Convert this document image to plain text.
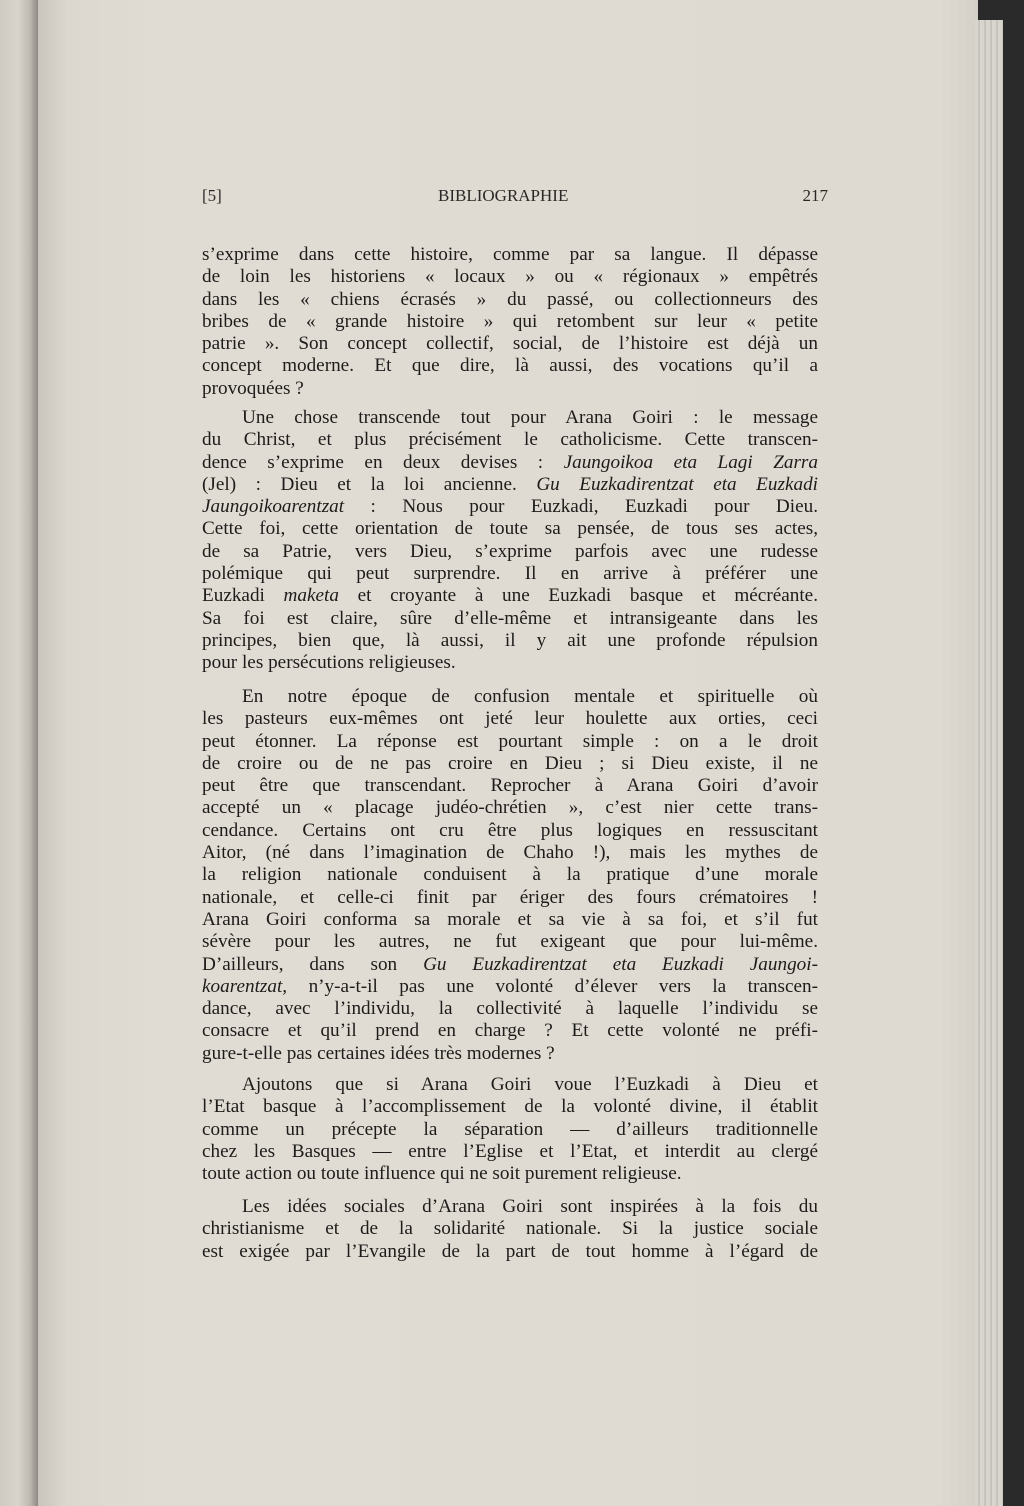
[5]	BIBLIOGRAPHIE	217
s’exprime dans cette histoire, comme par sa langue. Il dépasse
de loin les historiens « locaux » ou « régionaux » empêtrés
dans les « chiens écrasés » du passé, ou collectionneurs des
bribes de « grande histoire » qui retombent sur leur « petite
patrie ». Son concept collectif, social, de l’histoire est déjà un
concept moderne. Et que dire, là aussi, des vocations qu’il a
provoquées ?
Une chose transcende tout pour Arana Goiri : le message
du Christ, et plus précisément le catholicisme. Cette transcen-
dence s’exprime en deux devises : Jaungoikoa eta Lagi Zarra
(Jel) : Dieu et la loi ancienne. Gu Euzkadirentzat eta Euzkadi
Jaungoikoarentzat : Nous pour Euzkadi, Euzkadi pour Dieu.
Cette foi, cette orientation de toute sa pensée, de tous ses actes,
de sa Patrie, vers Dieu, s’exprime parfois avec une rudesse
polémique qui peut surprendre. Il en arrive à préférer une
Euzkadi maketa et croyante à une Euzkadi basque et mécréante.
Sa foi est claire, sûre d’elle-même et intransigeante dans les
principes, bien que, là aussi, il y ait une profonde répulsion
pour les persécutions religieuses.
En notre époque de confusion mentale et spirituelle où
les pasteurs eux-mêmes ont jeté leur houlette aux orties, ceci
peut étonner. La réponse est pourtant simple : on a le droit
de croire ou de ne pas croire en Dieu ; si Dieu existe, il ne
peut être que transcendant. Reprocher à Arana Goiri d’avoir
accepté un « placage judéo-chrétien », c’est nier cette trans-
cendance. Certains ont cru être plus logiques en ressuscitant
Aitor, (né dans l’imagination de Chaho !), mais les mythes de
la religion nationale conduisent à la pratique d’une morale
nationale, et celle-ci finit par ériger des fours crématoires !
Arana Goiri conforma sa morale et sa vie à sa foi, et s’il fut
sévère pour les autres, ne fut exigeant que pour lui-même.
D’ailleurs, dans son Gu Euzkadirentzat eta Euzkadi Jaungoi-
koarentzat, n’y-a-t-il pas une volonté d’élever vers la transcen-
dance, avec l’individu, la collectivité à laquelle l’individu se
consacre et qu’il prend en charge ? Et cette volonté ne préfi-
gure-t-elle pas certaines idées très modernes ?
Ajoutons que si Arana Goiri voue l’Euzkadi à Dieu et
l’Etat basque à l’accomplissement de la volonté divine, il établit
comme un précepte la séparation — d’ailleurs traditionnelle
chez les Basques — entre l’Eglise et l’Etat, et interdit au clergé
toute action ou toute influence qui ne soit purement religieuse.
Les idées sociales d’Arana Goiri sont inspirées à la fois du
christianisme et de la solidarité nationale. Si la justice sociale
est exigée par l’Evangile de la part de tout homme à l’égard de
